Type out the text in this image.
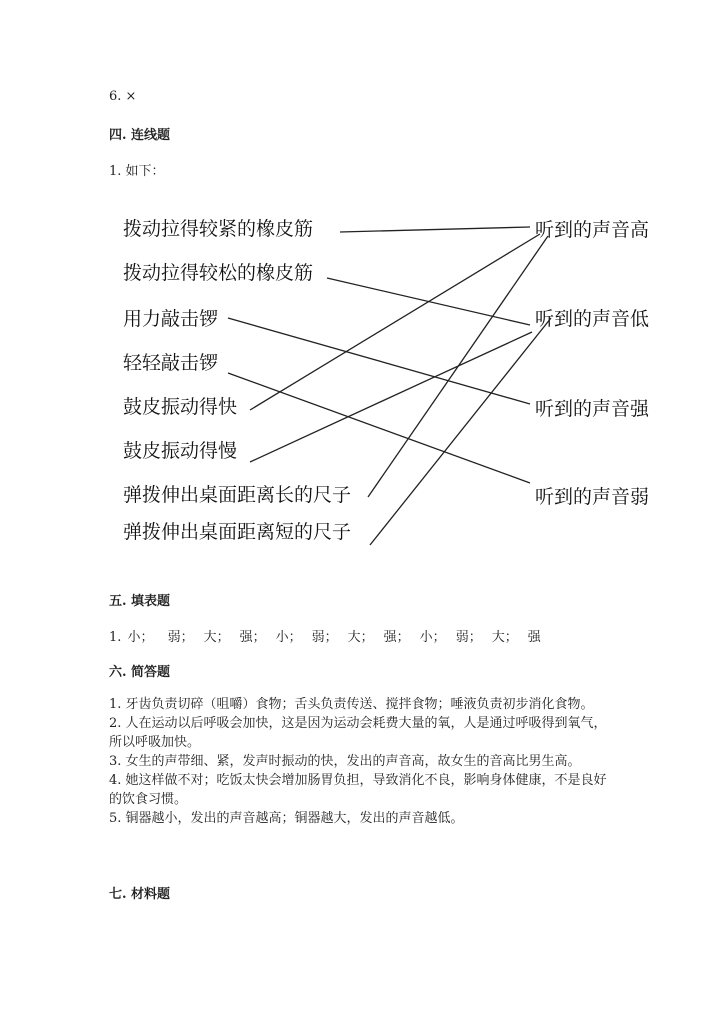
6. ×
四. 连线题
1. 如下：
拨动拉得较紧的橡皮筋
拨动拉得较松的橡皮筋
用力敲击锣
轻轻敲击锣
鼓皮振动得快
鼓皮振动得慢
弹拨伸出桌面距离长的尺子
弹拨伸出桌面距离短的尺子
听到的声音高
听到的声音低
听到的声音强
听到的声音弱
五. 填表题
1. 小； 弱； 大； 强； 小； 弱； 大； 强； 小； 弱； 大； 强
六. 简答题

1. 牙齿负责切碎（咀嚼）食物；舌头负责传送、搅拌食物；唾液负责初步消化食物。

2. 人在运动以后呼吸会加快，这是因为运动会耗费大量的氧，人是通过呼吸得到氧气，所以呼吸加快。

3. 女生的声带细、紧，发声时振动的快，发出的声音高，故女生的音高比男生高。

4. 她这样做不对；吃饭太快会增加肠胃负担，导致消化不良，影响身体健康，不是良好的饮食习惯。

5. 铜器越小，发出的声音越高；铜器越大，发出的声音越低。

七. 材料题
